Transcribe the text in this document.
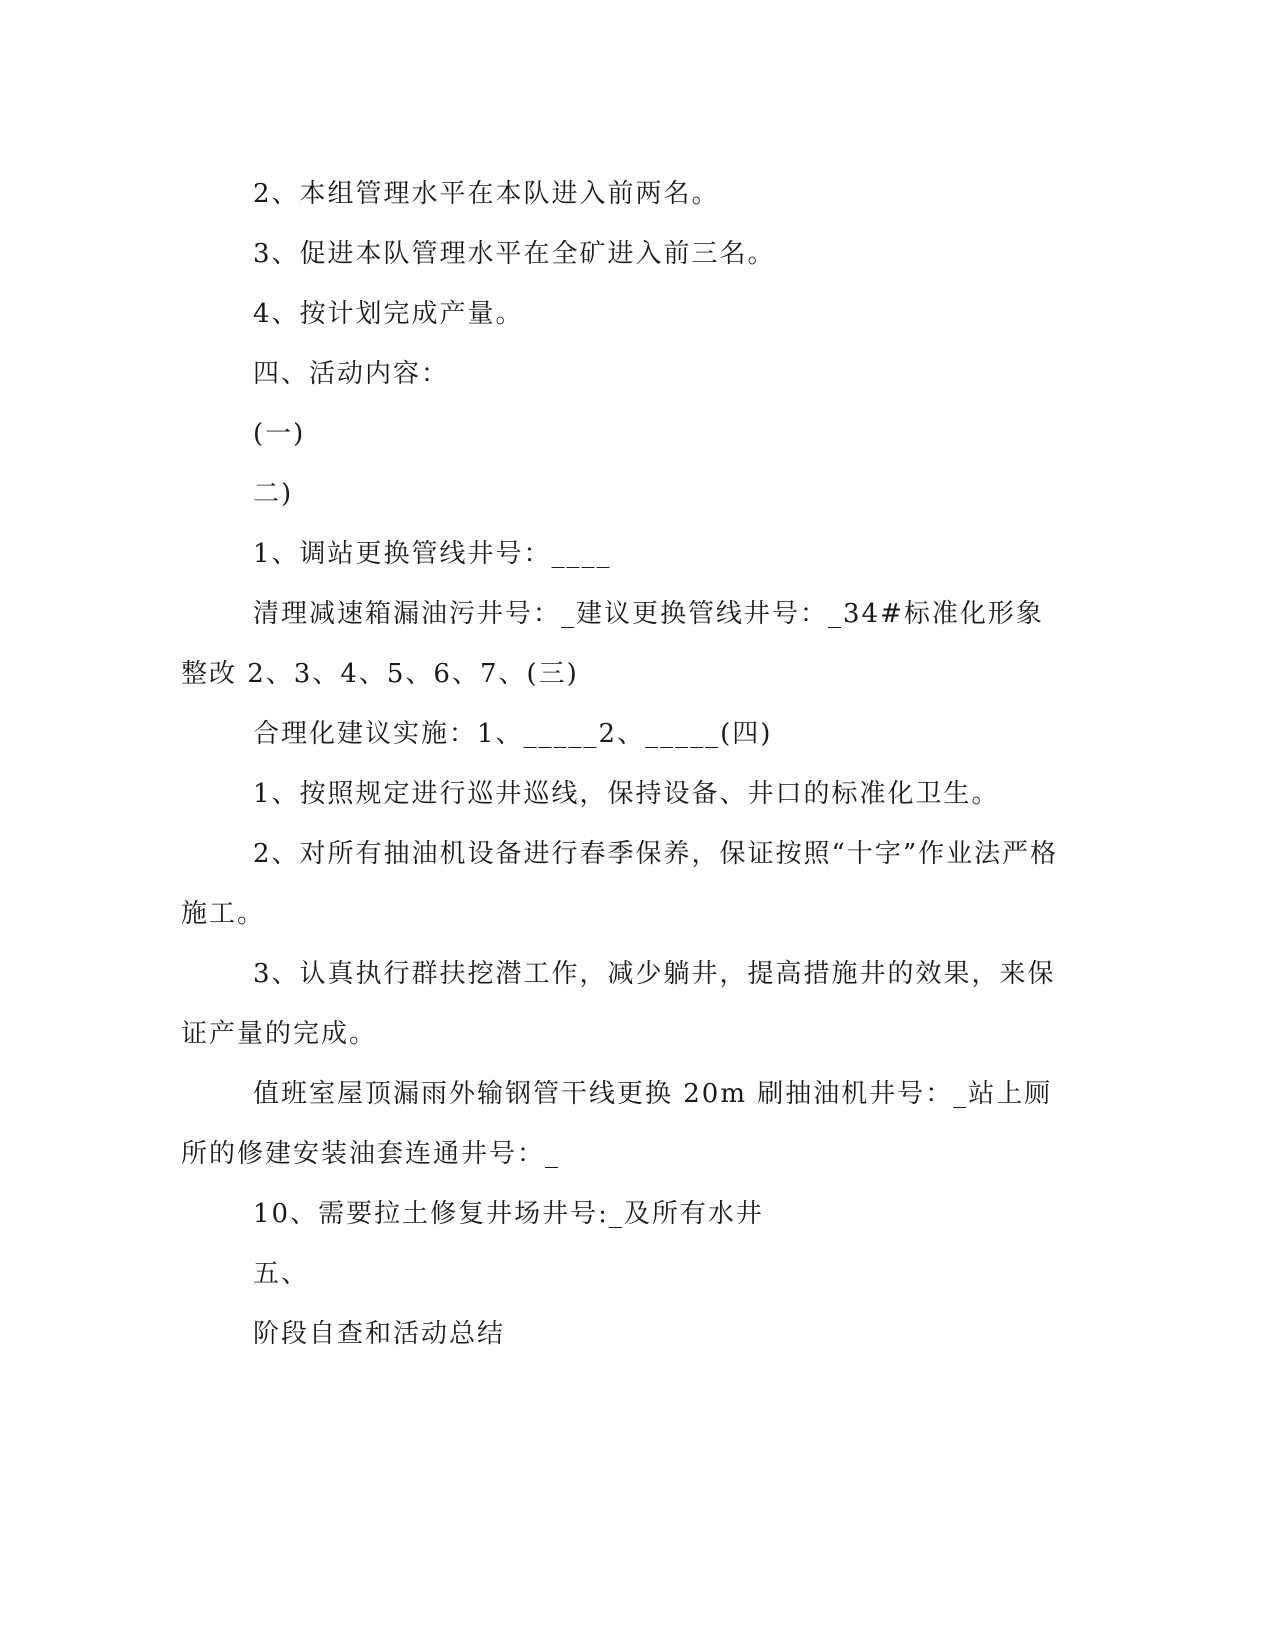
2、本组管理水平在本队进入前两名。

3、促进本队管理水平在全矿进入前三名。

4、按计划完成产量。

四、活动内容：

(一)

二)

1、调站更换管线井号：____

清理减速箱漏油污井号：_建议更换管线井号：_34#标准化形象整改 2、3、4、5、6、7、(三)

合理化建议实施：1、_____2、_____(四)

1、按照规定进行巡井巡线，保持设备、井口的标准化卫生。

2、对所有抽油机设备进行春季保养，保证按照“十字”作业法严格施工。

3、认真执行群扶挖潜工作，减少躺井，提高措施井的效果，来保证产量的完成。

值班室屋顶漏雨外输钢管干线更换 20m 刷抽油机井号：_站上厕所的修建安装油套连通井号：_

10、需要拉土修复井场井号:_及所有水井

五、

阶段自查和活动总结
